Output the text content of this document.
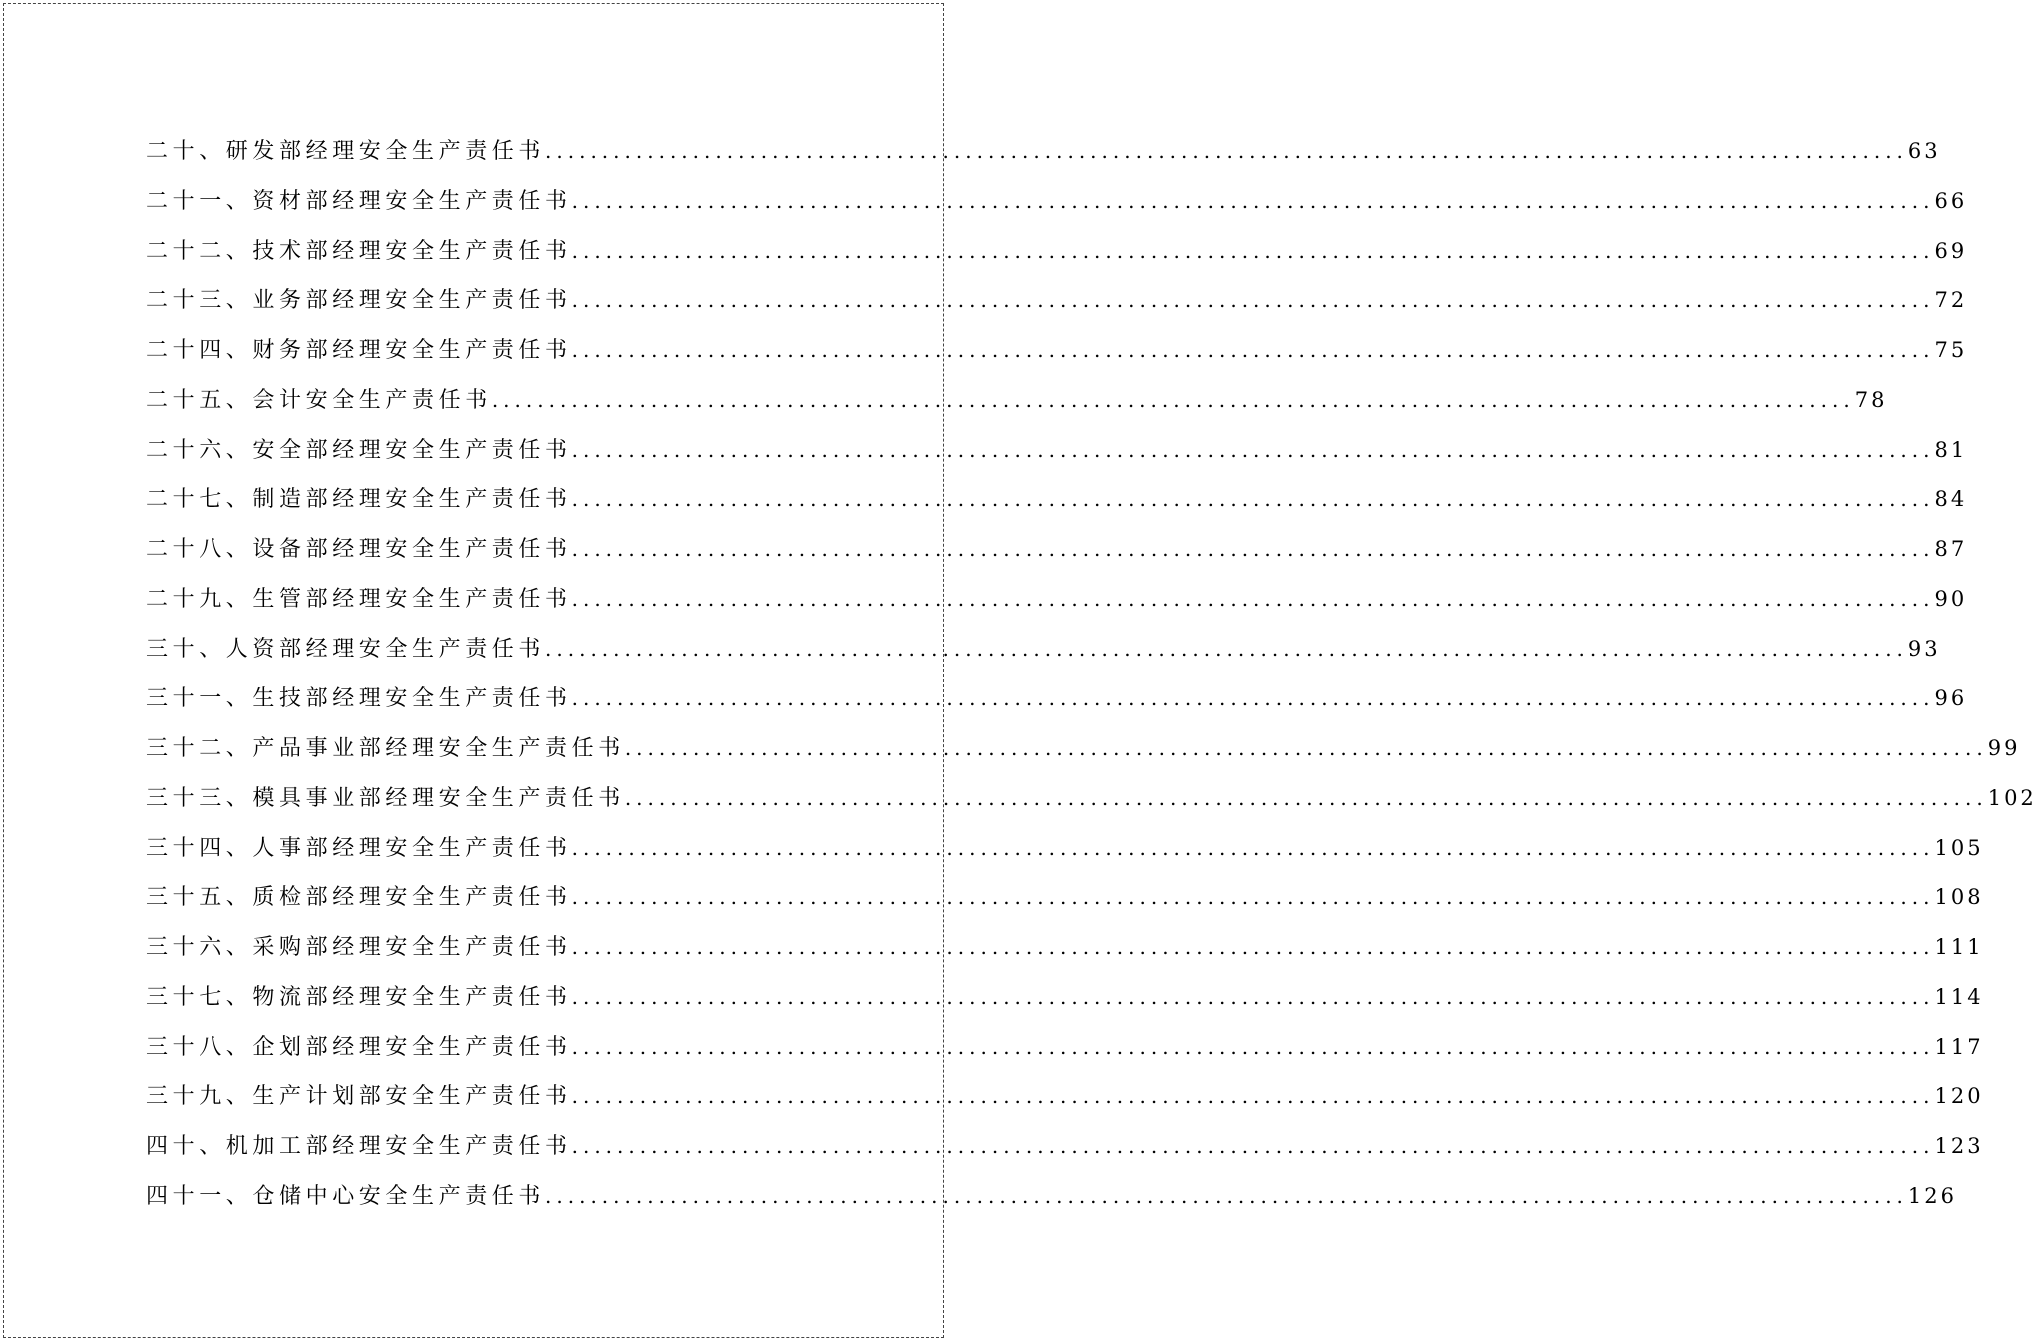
二十、研发部经理安全生产责任书 ........................................................................................................................ 63
二十一、资材部经理安全生产责任书 ........................................................................................................................ 66
二十二、技术部经理安全生产责任书 ........................................................................................................................ 69
二十三、业务部经理安全生产责任书 ........................................................................................................................ 72
二十四、财务部经理安全生产责任书 ........................................................................................................................ 75
二十五、会计安全生产责任书 ........................................................................................................................ 78
二十六、安全部经理安全生产责任书 ........................................................................................................................ 81
二十七、制造部经理安全生产责任书 ........................................................................................................................ 84
二十八、设备部经理安全生产责任书 ........................................................................................................................ 87
二十九、生管部经理安全生产责任书 ........................................................................................................................ 90
三十、人资部经理安全生产责任书 ........................................................................................................................ 93
三十一、生技部经理安全生产责任书 ........................................................................................................................ 96
三十二、产品事业部经理安全生产责任书 ........................................................................................................................ 99
三十三、模具事业部经理安全生产责任书 ........................................................................................................................ 102
三十四、人事部经理安全生产责任书 ........................................................................................................................ 105
三十五、质检部经理安全生产责任书 ........................................................................................................................ 108
三十六、采购部经理安全生产责任书 ........................................................................................................................ 111
三十七、物流部经理安全生产责任书 ........................................................................................................................ 114
三十八、企划部经理安全生产责任书 ........................................................................................................................ 117
三十九、生产计划部安全生产责任书 ........................................................................................................................ 120
四十、机加工部经理安全生产责任书 ........................................................................................................................ 123
四十一、仓储中心安全生产责任书 ........................................................................................................................ 126
